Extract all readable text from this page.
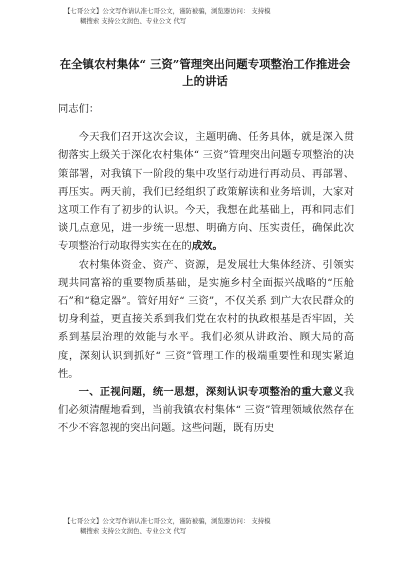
【七哥公文】公文写作请认准七哥公文，谨防被骗，浏览器访问： 支持模
糊搜索 支持公文润色、专业公文 代写
在全镇农村集体“ 三资”管理突出问题专项整治工作推进会
上的讲话

同志们：

今天我们召开这次会议，主题明确、任务具体，就是深入贯彻落实上级关于深化农村集体“ 三资”管理突出问题专项整治的决策部署，对我镇下一阶段的集中攻坚行动进行再动员、再部署、再压实。两天前，我们已经组织了政策解读和业务培训，大家对这项工作有了初步的认识。今天，我想在此基础上，再和同志们谈几点意见，进一步统一思想、明确方向、压实责任，确保此次专项整治行动取得实实在在的成效。

农村集体资金、资产、资源，是发展壮大集体经济、引领实现共同富裕的重要物质基础，是实施乡村全面振兴战略的“压舱石”和“稳定器”。管好用好“ 三资”，不仅关系 到广大农民群众的切身利益，更直接关系到我们党在农村的执政根基是否牢固，关系到基层治理的效能与水平。我们必须从讲政治、顾大局的高度，深刻认识到抓好“ 三资”管理工作的极端重要性和现实紧迫性。

一、正视问题，统一思想，深刻认识专项整治的重大意义我们必须清醒地看到，当前我镇农村集体“ 三资”管理领域依然存在不少不容忽视的突出问题。这些问题，既有历史

【七哥公文】公文写作请认准七哥公文，谨防被骗，浏览器访问： 支持模
糊搜索 支持公文润色、专业公文 代写
